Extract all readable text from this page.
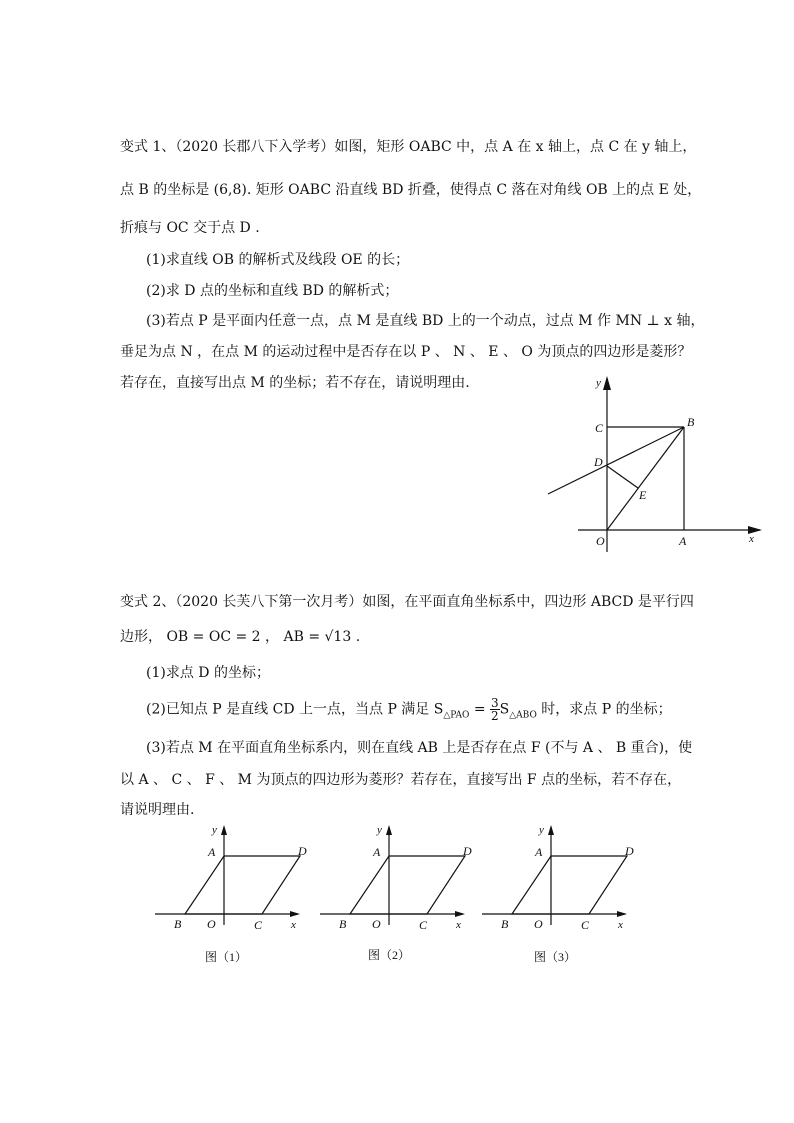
变式 1、（2020 长郡八下入学考）如图，矩形 OABC 中，点 A 在 x 轴上，点 C 在 y 轴上，
点 B 的坐标是 (6,8). 矩形 OABC 沿直线 BD 折叠，使得点 C 落在对角线 OB 上的点 E 处，
折痕与 OC 交于点 D .
(1)求直线 OB 的解析式及线段 OE 的长；
(2)求 D 点的坐标和直线 BD 的解析式；
(3)若点 P 是平面内任意一点，点 M 是直线 BD 上的一个动点，过点 M 作 MN ⊥ x 轴，
垂足为点 N ，在点 M 的运动过程中是否存在以 P 、 N 、 E 、 O 为顶点的四边形是菱形？
若存在，直接写出点 M 的坐标；若不存在，请说明理由.	y
x
C	B
D
E
O	A
变式 2、（2020 长芙八下第一次月考）如图，在平面直角坐标系中，四边形 ABCD 是平行四
边形， OB = OC = 2 ， AB = √13 .
(1)求点 D 的坐标；
(2)已知点 P 是直线 CD 上一点，当点 P 满足 $S_{\triangle PAO} = \frac{3}{2} S_{\triangle ABO}$ 时，求点 P 的坐标；
(3)若点 M 在平面直角坐标系内，则在直线 AB 上是否存在点 F (不与 A 、 B 重合)，使
以 A 、 C 、 F 、 M 为顶点的四边形为菱形？若存在，直接写出 F 点的坐标，若不存在，
请说明理由.
y
A	D
B O	C	x
图（1）
y
A	D
B O	C	x
图（2）
y
A	D
B O	C	x
图（3）
